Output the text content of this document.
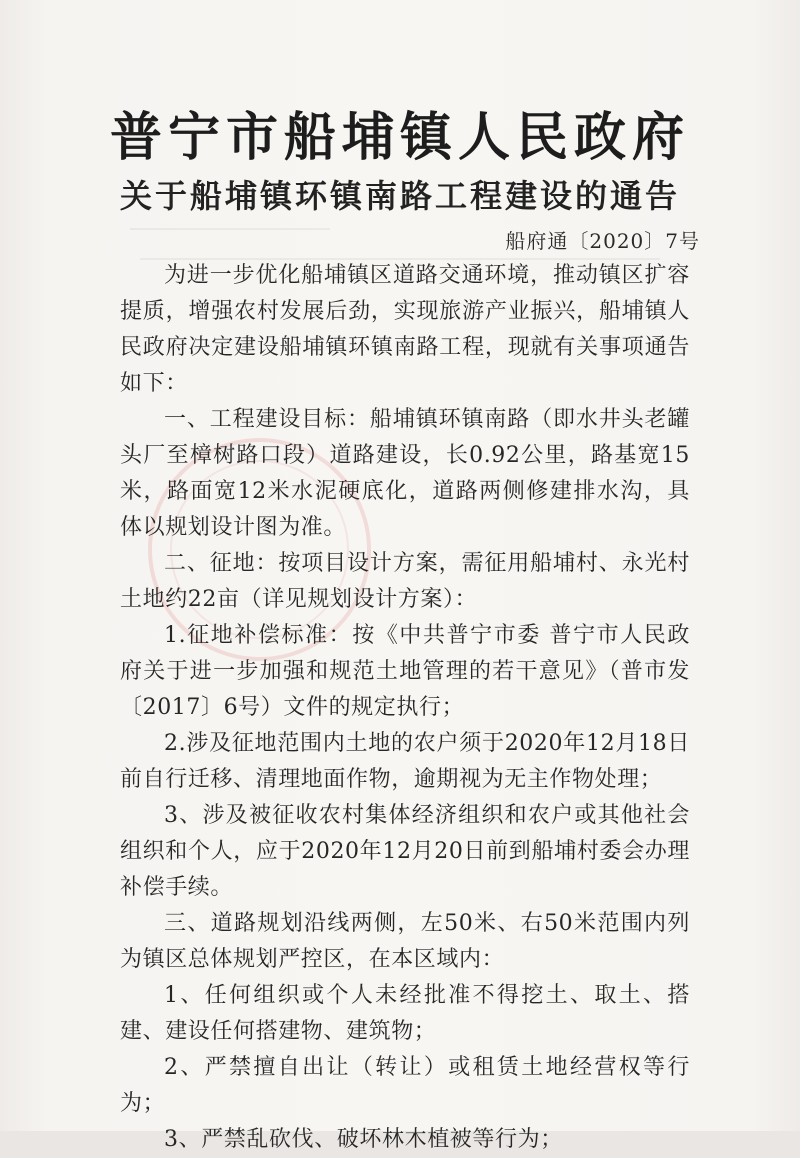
普宁市船埔镇人民政府
关于船埔镇环镇南路工程建设的通告
船府通〔2020〕7号

为进一步优化船埔镇区道路交通环境，推动镇区扩容提质，增强农村发展后劲，实现旅游产业振兴，船埔镇人民政府决定建设船埔镇环镇南路工程，现就有关事项通告如下：

一、工程建设目标：船埔镇环镇南路（即水井头老罐头厂至樟树路口段）道路建设，长0.92公里，路基宽15米，路面宽12米水泥硬底化，道路两侧修建排水沟，具体以规划设计图为准。

二、征地：按项目设计方案，需征用船埔村、永光村土地约22亩（详见规划设计方案）：

1.征地补偿标准：按《中共普宁市委 普宁市人民政府关于进一步加强和规范土地管理的若干意见》（普市发〔2017〕6号）文件的规定执行；

2.涉及征地范围内土地的农户须于2020年12月18日前自行迁移、清理地面作物，逾期视为无主作物处理；

3、涉及被征收农村集体经济组织和农户或其他社会组织和个人，应于2020年12月20日前到船埔村委会办理补偿手续。

三、道路规划沿线两侧，左50米、右50米范围内列为镇区总体规划严控区，在本区域内：

1、任何组织或个人未经批准不得挖土、取土、搭建、建设任何搭建物、建筑物；

2、严禁擅自出让（转让）或租赁土地经营权等行为；

3、严禁乱砍伐、破坏林木植被等行为；
